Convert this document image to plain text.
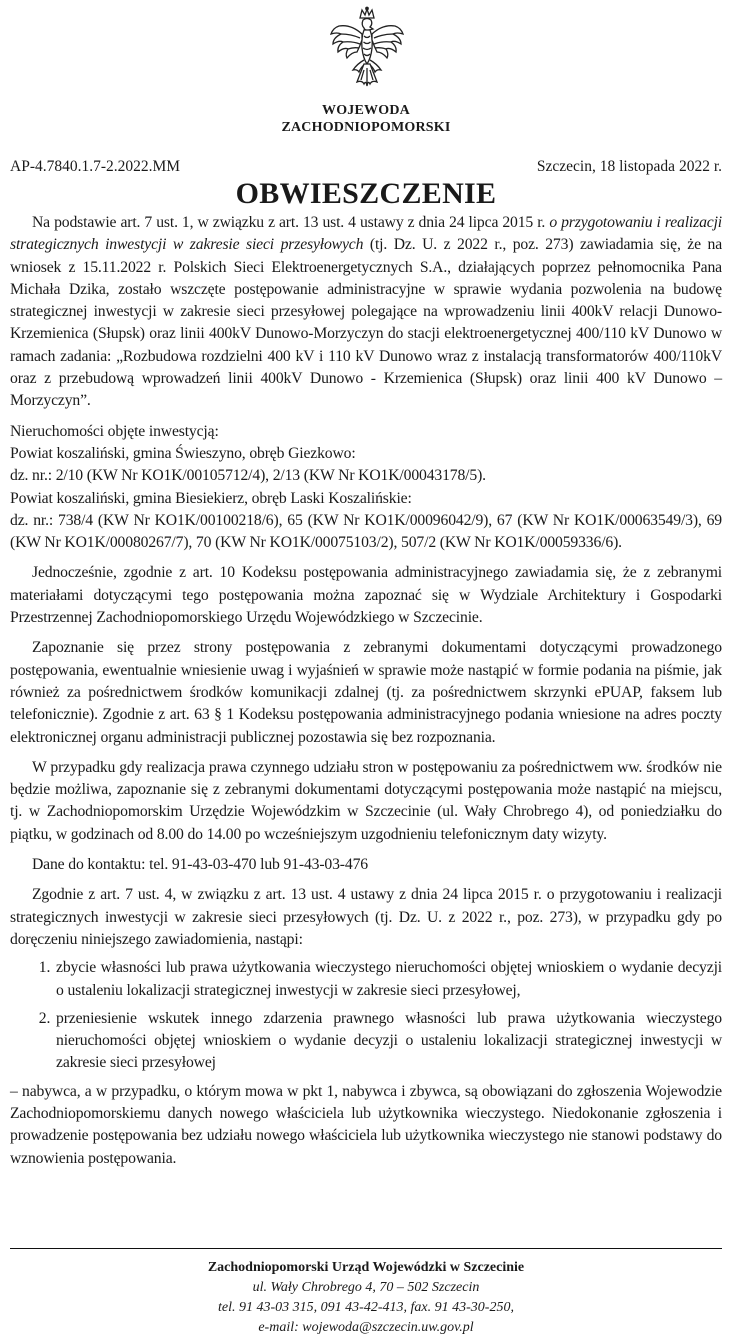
WOJEWODA
ZACHODNIOPOMORSKI
AP-4.7840.1.7-2.2022.MM	Szczecin, 18 listopada 2022 r.
OBWIESZCZENIE

Na podstawie art. 7 ust. 1, w związku z art. 13 ust. 4 ustawy z dnia 24 lipca 2015 r. o przygotowaniu i realizacji strategicznych inwestycji w zakresie sieci przesyłowych (tj. Dz. U. z 2022 r., poz. 273) zawiadamia się, że na wniosek z 15.11.2022 r. Polskich Sieci Elektroenergetycznych S.A., działających poprzez pełnomocnika Pana Michała Dzika, zostało wszczęte postępowanie administracyjne w sprawie wydania pozwolenia na budowę strategicznej inwestycji w zakresie sieci przesyłowej polegające na wprowadzeniu linii 400kV relacji Dunowo-Krzemienica (Słupsk) oraz linii 400kV Dunowo-Morzyczyn do stacji elektroenergetycznej 400/110 kV Dunowo w ramach zadania: „Rozbudowa rozdzielni 400 kV i 110 kV Dunowo wraz z instalacją transformatorów 400/110kV oraz z przebudową wprowadzeń linii 400kV Dunowo - Krzemienica (Słupsk) oraz linii 400 kV Dunowo – Morzyczyn”.

Nieruchomości objęte inwestycją:

Powiat koszaliński, gmina Świeszyno, obręb Giezkowo:

dz. nr.: 2/10 (KW Nr KO1K/00105712/4), 2/13 (KW Nr KO1K/00043178/5).

Powiat koszaliński, gmina Biesiekierz, obręb Laski Koszalińskie:

dz. nr.: 738/4 (KW Nr KO1K/00100218/6), 65 (KW Nr KO1K/00096042/9), 67 (KW Nr KO1K/00063549/3), 69 (KW Nr KO1K/00080267/7), 70 (KW Nr KO1K/00075103/2), 507/2 (KW Nr KO1K/00059336/6).

Jednocześnie, zgodnie z art. 10 Kodeksu postępowania administracyjnego zawiadamia się, że z zebranymi materiałami dotyczącymi tego postępowania można zapoznać się w Wydziale Architektury i Gospodarki Przestrzennej Zachodniopomorskiego Urzędu Wojewódzkiego w Szczecinie.

Zapoznanie się przez strony postępowania z zebranymi dokumentami dotyczącymi prowadzonego postępowania, ewentualnie wniesienie uwag i wyjaśnień w sprawie może nastąpić w formie podania na piśmie, jak również za pośrednictwem środków komunikacji zdalnej (tj. za pośrednictwem skrzynki ePUAP, faksem lub telefonicznie). Zgodnie z art. 63 § 1 Kodeksu postępowania administracyjnego podania wniesione na adres poczty elektronicznej organu administracji publicznej pozostawia się bez rozpoznania.

W przypadku gdy realizacja prawa czynnego udziału stron w postępowaniu za pośrednictwem ww. środków nie będzie możliwa, zapoznanie się z zebranymi dokumentami dotyczącymi postępowania może nastąpić na miejscu, tj. w Zachodniopomorskim Urzędzie Wojewódzkim w Szczecinie (ul. Wały Chrobrego 4), od poniedziałku do piątku, w godzinach od 8.00 do 14.00 po wcześniejszym uzgodnieniu telefonicznym daty wizyty.

Dane do kontaktu: tel. 91-43-03-470 lub 91-43-03-476

Zgodnie z art. 7 ust. 4, w związku z art. 13 ust. 4 ustawy z dnia 24 lipca 2015 r. o przygotowaniu i realizacji strategicznych inwestycji w zakresie sieci przesyłowych (tj. Dz. U. z 2022 r., poz. 273), w przypadku gdy po doręczeniu niniejszego zawiadomienia, nastąpi:

1. zbycie własności lub prawa użytkowania wieczystego nieruchomości objętej wnioskiem o wydanie decyzji o ustaleniu lokalizacji strategicznej inwestycji w zakresie sieci przesyłowej,
2. przeniesienie wskutek innego zdarzenia prawnego własności lub prawa użytkowania wieczystego nieruchomości objętej wnioskiem o wydanie decyzji o ustaleniu lokalizacji strategicznej inwestycji w zakresie sieci przesyłowej

– nabywca, a w przypadku, o którym mowa w pkt 1, nabywca i zbywca, są obowiązani do zgłoszenia Wojewodzie Zachodniopomorskiemu danych nowego właściciela lub użytkownika wieczystego. Niedokonanie zgłoszenia i prowadzenie postępowania bez udziału nowego właściciela lub użytkownika wieczystego nie stanowi podstawy do wznowienia postępowania.

Zachodniopomorski Urząd Wojewódzki w Szczecinie
ul. Wały Chrobrego 4, 70 – 502 Szczecin
tel. 91 43-03 315, 091 43-42-413, fax. 91 43-30-250,
e-mail: wojewoda@szczecin.uw.gov.pl
